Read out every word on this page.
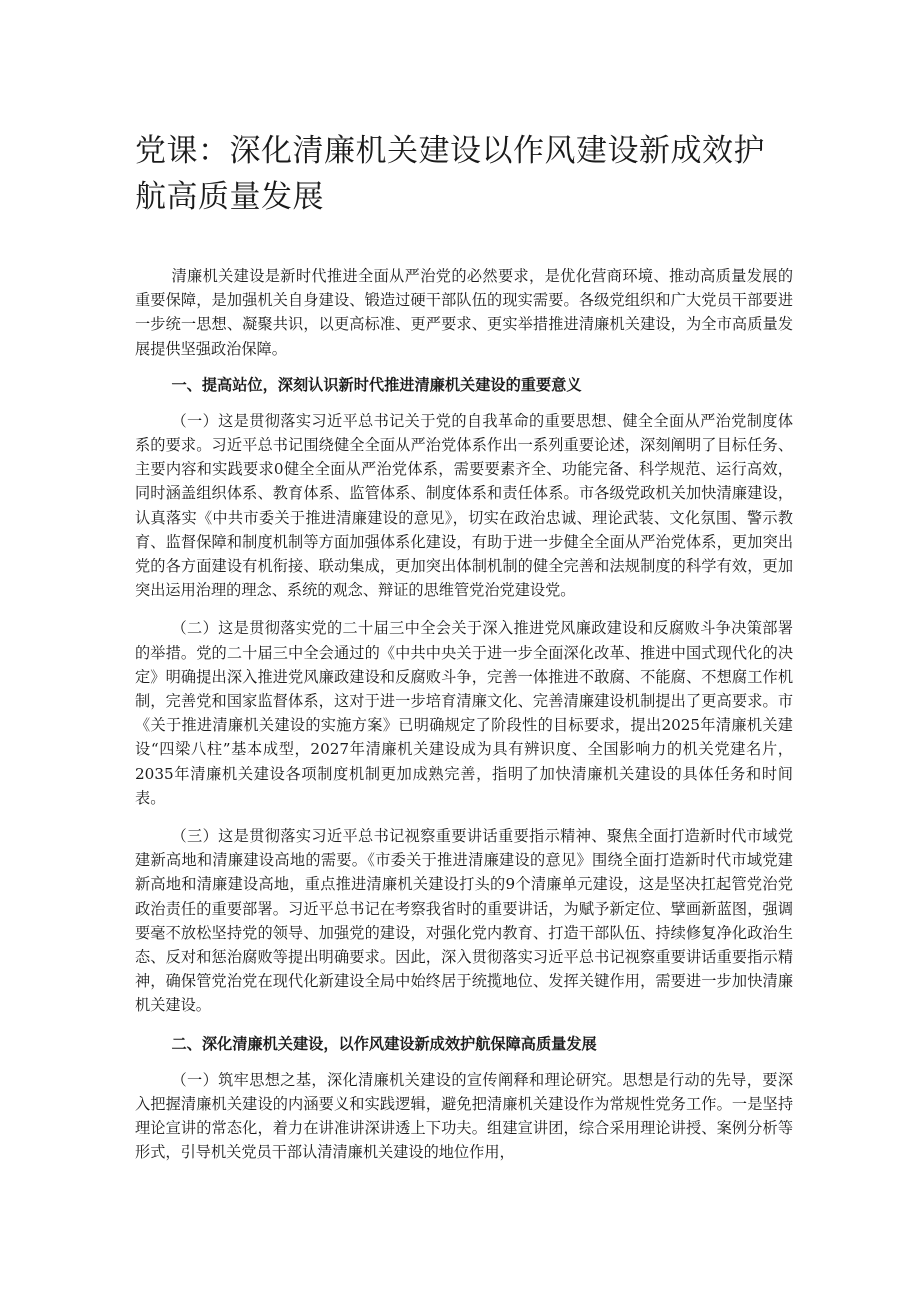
党课：深化清廉机关建设以作风建设新成效护航高质量发展

清廉机关建设是新时代推进全面从严治党的必然要求，是优化营商环境、推动高质量发展的重要保障，是加强机关自身建设、锻造过硬干部队伍的现实需要。各级党组织和广大党员干部要进一步统一思想、凝聚共识，以更高标准、更严要求、更实举措推进清廉机关建设，为全市高质量发展提供坚强政治保障。

一、提高站位，深刻认识新时代推进清廉机关建设的重要意义

（一）这是贯彻落实习近平总书记关于党的自我革命的重要思想、健全全面从严治党制度体系的要求。习近平总书记围绕健全全面从严治党体系作出一系列重要论述，深刻阐明了目标任务、主要内容和实践要求0健全全面从严治党体系，需要要素齐全、功能完备、科学规范、运行高效，同时涵盖组织体系、教育体系、监管体系、制度体系和责任体系。市各级党政机关加快清廉建设，认真落实《中共市委关于推进清廉建设的意见》，切实在政治忠诚、理论武装、文化氛围、警示教育、监督保障和制度机制等方面加强体系化建设，有助于进一步健全全面从严治党体系，更加突出党的各方面建设有机衔接、联动集成，更加突出体制机制的健全完善和法规制度的科学有效，更加突出运用治理的理念、系统的观念、辩证的思维管党治党建设党。

（二）这是贯彻落实党的二十届三中全会关于深入推进党风廉政建设和反腐败斗争决策部署的举措。党的二十届三中全会通过的《中共中央关于进一步全面深化改革、推进中国式现代化的决定》明确提出深入推进党风廉政建设和反腐败斗争，完善一体推进不敢腐、不能腐、不想腐工作机制，完善党和国家监督体系，这对于进一步培育清廉文化、完善清廉建设机制提出了更高要求。市《关于推进清廉机关建设的实施方案》已明确规定了阶段性的目标要求，提出2025年清廉机关建设“四梁八柱”基本成型，2027年清廉机关建设成为具有辨识度、全国影响力的机关党建名片，2035年清廉机关建设各项制度机制更加成熟完善，指明了加快清廉机关建设的具体任务和时间表。

（三）这是贯彻落实习近平总书记视察重要讲话重要指示精神、聚焦全面打造新时代市域党建新高地和清廉建设高地的需要。《市委关于推进清廉建设的意见》围绕全面打造新时代市域党建新高地和清廉建设高地，重点推进清廉机关建设打头的9个清廉单元建设，这是坚决扛起管党治党政治责任的重要部署。习近平总书记在考察我省时的重要讲话，为赋予新定位、擘画新蓝图，强调要毫不放松坚持党的领导、加强党的建设，对强化党内教育、打造干部队伍、持续修复净化政治生态、反对和惩治腐败等提出明确要求。因此，深入贯彻落实习近平总书记视察重要讲话重要指示精神，确保管党治党在现代化新建设全局中始终居于统揽地位、发挥关键作用，需要进一步加快清廉机关建设。

二、深化清廉机关建设，以作风建设新成效护航保障高质量发展

（一）筑牢思想之基，深化清廉机关建设的宣传阐释和理论研究。思想是行动的先导，要深入把握清廉机关建设的内涵要义和实践逻辑，避免把清廉机关建设作为常规性党务工作。一是坚持理论宣讲的常态化，着力在讲准讲深讲透上下功夫。组建宣讲团，综合采用理论讲授、案例分析等形式，引导机关党员干部认清清廉机关建设的地位作用，
